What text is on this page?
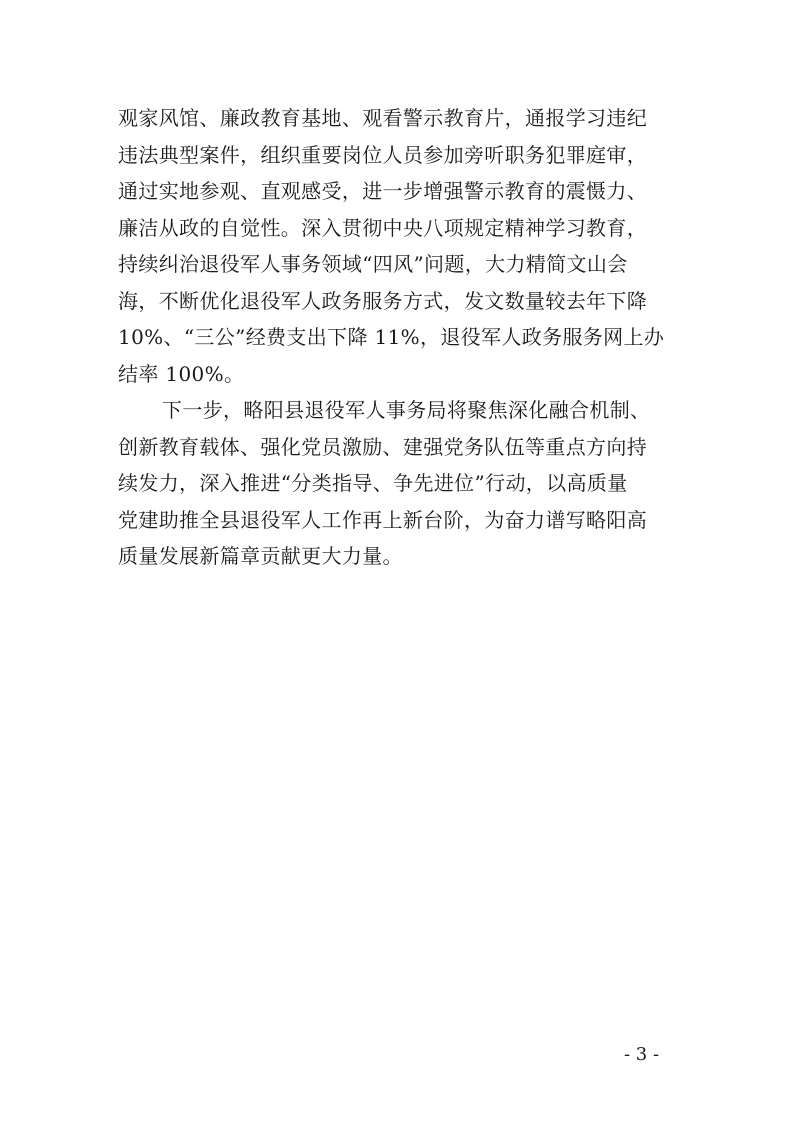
观家风馆、廉政教育基地、观看警示教育片，通报学习违纪
违法典型案件，组织重要岗位人员参加旁听职务犯罪庭审，
通过实地参观、直观感受，进一步增强警示教育的震慑力、
廉洁从政的自觉性。深入贯彻中央八项规定精神学习教育，
持续纠治退役军人事务领域“四风”问题，大力精简文山会
海，不断优化退役军人政务服务方式，发文数量较去年下降
10%、“三公”经费支出下降 11%，退役军人政务服务网上办
结率 100%。
下一步，略阳县退役军人事务局将聚焦深化融合机制、
创新教育载体、强化党员激励、建强党务队伍等重点方向持
续发力，深入推进“分类指导、争先进位”行动，以高质量
党建助推全县退役军人工作再上新台阶，为奋力谱写略阳高
质量发展新篇章贡献更大力量。
- 3 -
